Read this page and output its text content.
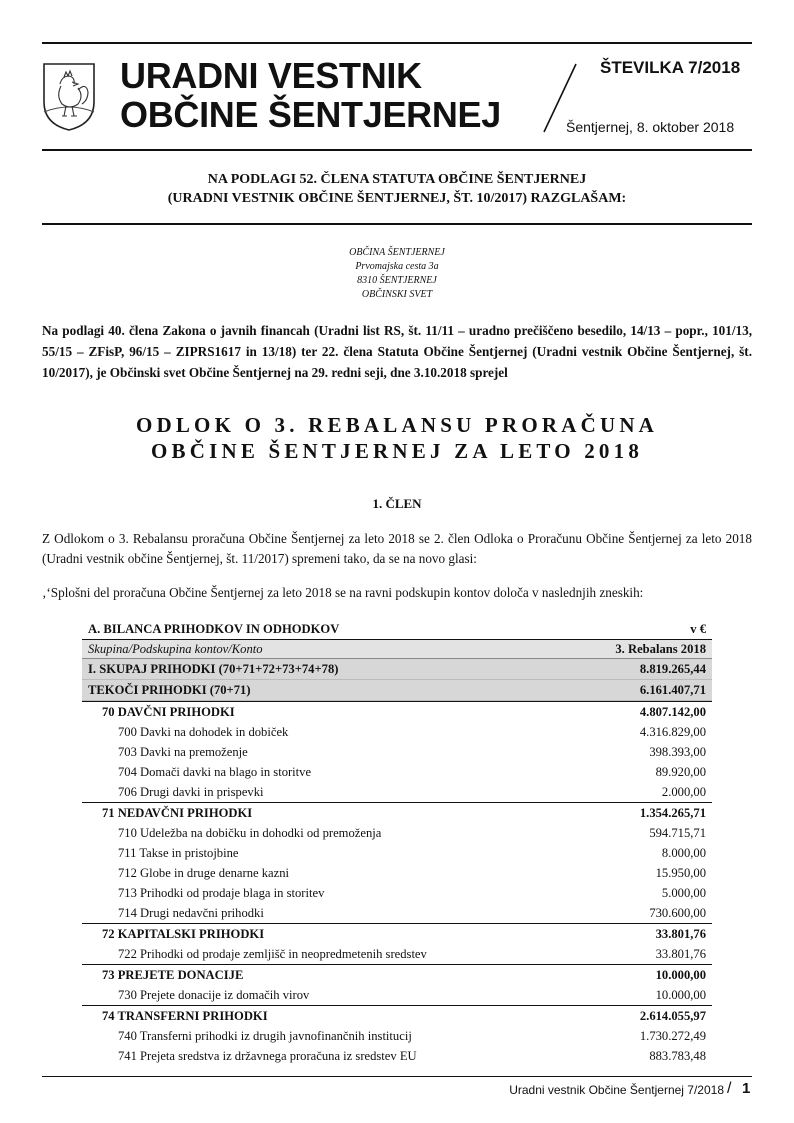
URADNI VESTNIK
OBČINE ŠENTJERNEJ
ŠTEVILKA 7/2018
Šentjernej, 8. oktober 2018
NA PODLAGI 52. ČLENA STATUTA OBČINE ŠENTJERNEJ
(URADNI VESTNIK OBČINE ŠENTJERNEJ, ŠT. 10/2017) RAZGLAŠAM:
OBČINA ŠENTJERNEJ
Prvomajska cesta 3a
8310 ŠENTJERNEJ
OBČINSKI SVET
Na podlagi 40. člena Zakona o javnih financah (Uradni list RS, št. 11/11 – uradno prečiščeno besedilo, 14/13 – popr., 101/13, 55/15 – ZFisP, 96/15 – ZIPRS1617 in 13/18) ter 22. člena Statuta Občine Šentjernej (Uradni vestnik Občine Šentjernej, št. 10/2017), je Občinski svet Občine Šentjernej na 29. redni seji, dne 3.10.2018 sprejel
ODLOK O 3. REBALANSU PRORAČUNA
OBČINE ŠENTJERNEJ ZA LETO 2018
1. ČLEN
Z Odlokom o 3. Rebalansu proračuna Občine Šentjernej za leto 2018 se 2. člen Odloka o Proračunu Občine Šentjernej za leto 2018 (Uradni vestnik občine Šentjernej, št. 11/2017) spremeni tako, da se na novo glasi:
‚‘Splošni del proračuna Občine Šentjernej za leto 2018 se na ravni podskupin kontov določa v naslednjih zneskih:
A. BILANCA PRIHODKOV IN ODHODKOV	v €
Skupina/Podskupina kontov/Konto	3. Rebalans 2018
I. SKUPAJ PRIHODKI (70+71+72+73+74+78)	8.819.265,44
TEKOČI PRIHODKI (70+71)	6.161.407,71
70 DAVČNI PRIHODKI	4.807.142,00
700 Davki na dohodek in dobiček	4.316.829,00
703 Davki na premoženje	398.393,00
704 Domači davki na blago in storitve	89.920,00
706 Drugi davki in prispevki	2.000,00
71 NEDAVČNI PRIHODKI	1.354.265,71
710 Udeležba na dobičku in dohodki od premoženja	594.715,71
711 Takse in pristojbine	8.000,00
712 Globe in druge denarne kazni	15.950,00
713 Prihodki od prodaje blaga in storitev	5.000,00
714 Drugi nedavčni prihodki	730.600,00
72 KAPITALSKI PRIHODKI	33.801,76
722 Prihodki od prodaje zemljišč in neopredmetenih sredstev	33.801,76
73 PREJETE DONACIJE	10.000,00
730 Prejete donacije iz domačih virov	10.000,00
74 TRANSFERNI PRIHODKI	2.614.055,97
740 Transferni prihodki iz drugih javnofinančnih institucij	1.730.272,49
741 Prejeta sredstva iz državnega proračuna iz sredstev EU	883.783,48
Uradni vestnik Občine Šentjernej 7/2018 / 1
